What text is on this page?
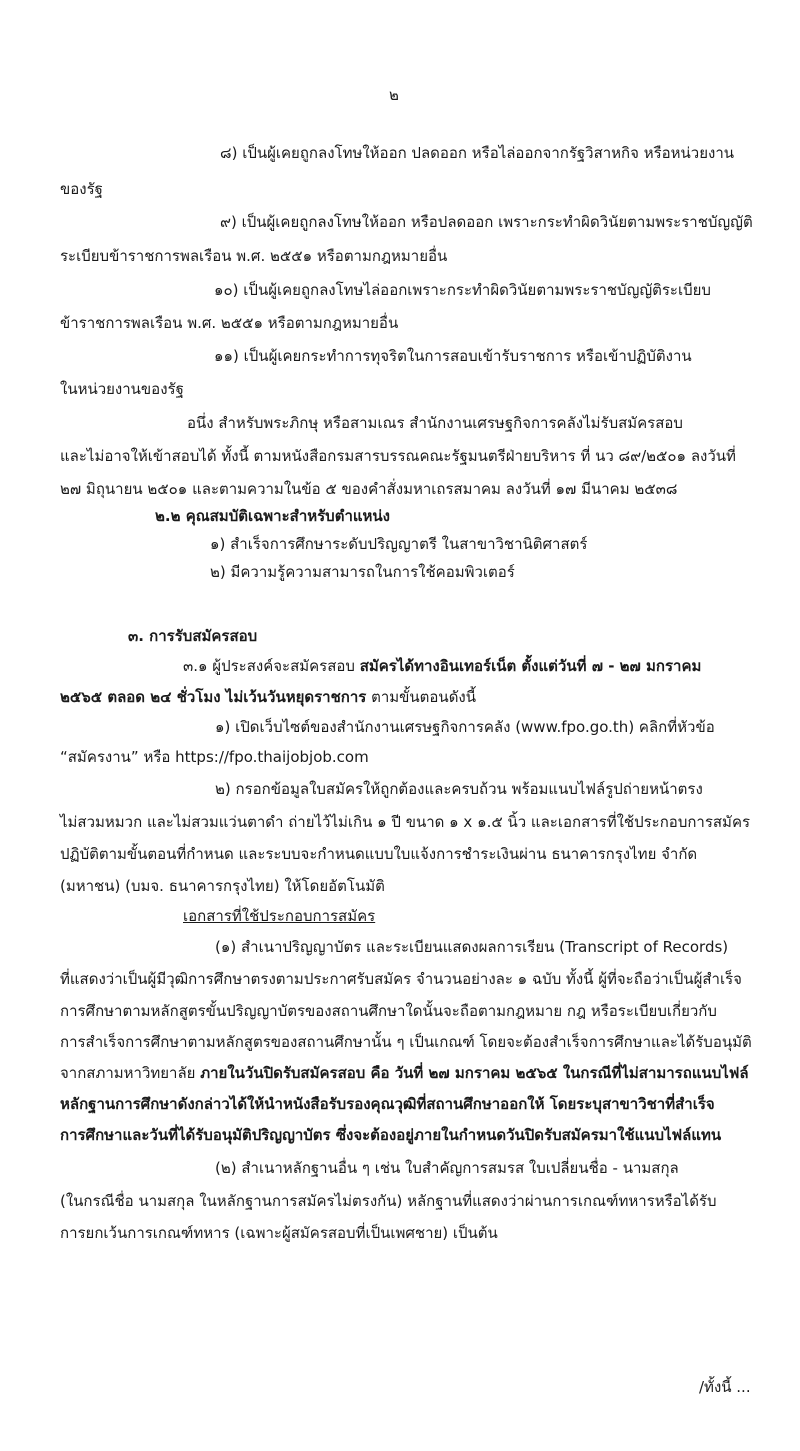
๒
๘) เป็นผู้เคยถูกลงโทษให้ออก ปลดออก หรือไล่ออกจากรัฐวิสาหกิจ หรือหน่วยงาน
ของรัฐ
๙) เป็นผู้เคยถูกลงโทษให้ออก หรือปลดออก เพราะกระทำผิดวินัยตามพระราชบัญญัติ
ระเบียบข้าราชการพลเรือน พ.ศ. ๒๕๕๑ หรือตามกฎหมายอื่น
๑๐) เป็นผู้เคยถูกลงโทษไล่ออกเพราะกระทำผิดวินัยตามพระราชบัญญัติระเบียบ
ข้าราชการพลเรือน พ.ศ. ๒๕๕๑ หรือตามกฎหมายอื่น
๑๑) เป็นผู้เคยกระทำการทุจริตในการสอบเข้ารับราชการ หรือเข้าปฏิบัติงาน
ในหน่วยงานของรัฐ
อนึ่ง สำหรับพระภิกษุ หรือสามเณร สำนักงานเศรษฐกิจการคลังไม่รับสมัครสอบ
และไม่อาจให้เข้าสอบได้ ทั้งนี้ ตามหนังสือกรมสารบรรณคณะรัฐมนตรีฝ่ายบริหาร ที่ นว ๘๙/๒๕๐๑ ลงวันที่
๒๗ มิถุนายน ๒๕๐๑ และตามความในข้อ ๕ ของคำสั่งมหาเถรสมาคม ลงวันที่ ๑๗ มีนาคม ๒๕๓๘
๒.๒ คุณสมบัติเฉพาะสำหรับตำแหน่ง
๑) สำเร็จการศึกษาระดับปริญญาตรี ในสาขาวิชานิติศาสตร์
๒) มีความรู้ความสามารถในการใช้คอมพิวเตอร์
๓. การรับสมัครสอบ
๓.๑ ผู้ประสงค์จะสมัครสอบ สมัครได้ทางอินเทอร์เน็ต ตั้งแต่วันที่ ๗ - ๒๗ มกราคม
๒๕๖๕ ตลอด ๒๔ ชั่วโมง ไม่เว้นวันหยุดราชการ ตามขั้นตอนดังนี้
๑) เปิดเว็บไซต์ของสำนักงานเศรษฐกิจการคลัง (www.fpo.go.th) คลิกที่หัวข้อ
“สมัครงาน” หรือ https://fpo.thaijobjob.com
๒) กรอกข้อมูลใบสมัครให้ถูกต้องและครบถ้วน พร้อมแนบไฟล์รูปถ่ายหน้าตรง
ไม่สวมหมวก และไม่สวมแว่นตาดำ ถ่ายไว้ไม่เกิน ๑ ปี ขนาด ๑ x ๑.๕ นิ้ว และเอกสารที่ใช้ประกอบการสมัคร
ปฏิบัติตามขั้นตอนที่กำหนด และระบบจะกำหนดแบบใบแจ้งการชำระเงินผ่าน ธนาคารกรุงไทย จำกัด
(มหาชน) (บมจ. ธนาคารกรุงไทย) ให้โดยอัตโนมัติ
เอกสารที่ใช้ประกอบการสมัคร
(๑) สำเนาปริญญาบัตร และระเบียนแสดงผลการเรียน (Transcript of Records)
ที่แสดงว่าเป็นผู้มีวุฒิการศึกษาตรงตามประกาศรับสมัคร จำนวนอย่างละ ๑ ฉบับ ทั้งนี้ ผู้ที่จะถือว่าเป็นผู้สำเร็จ
การศึกษาตามหลักสูตรขั้นปริญญาบัตรของสถานศึกษาใดนั้นจะถือตามกฎหมาย กฎ หรือระเบียบเกี่ยวกับ
การสำเร็จการศึกษาตามหลักสูตรของสถานศึกษานั้น ๆ เป็นเกณฑ์ โดยจะต้องสำเร็จการศึกษาและได้รับอนุมัติ
จากสภามหาวิทยาลัย ภายในวันปิดรับสมัครสอบ คือ วันที่ ๒๗ มกราคม ๒๕๖๕ ในกรณีที่ไม่สามารถแนบไฟล์
หลักฐานการศึกษาดังกล่าวได้ให้นำหนังสือรับรองคุณวุฒิที่สถานศึกษาออกให้ โดยระบุสาขาวิชาที่สำเร็จ
การศึกษาและวันที่ได้รับอนุมัติปริญญาบัตร ซึ่งจะต้องอยู่ภายในกำหนดวันปิดรับสมัครมาใช้แนบไฟล์แทน
(๒) สำเนาหลักฐานอื่น ๆ เช่น ใบสำคัญการสมรส ใบเปลี่ยนชื่อ - นามสกุล
(ในกรณีชื่อ นามสกุล ในหลักฐานการสมัครไม่ตรงกัน) หลักฐานที่แสดงว่าผ่านการเกณฑ์ทหารหรือได้รับ
การยกเว้นการเกณฑ์ทหาร (เฉพาะผู้สมัครสอบที่เป็นเพศชาย) เป็นต้น
/ทั้งนี้ ...
